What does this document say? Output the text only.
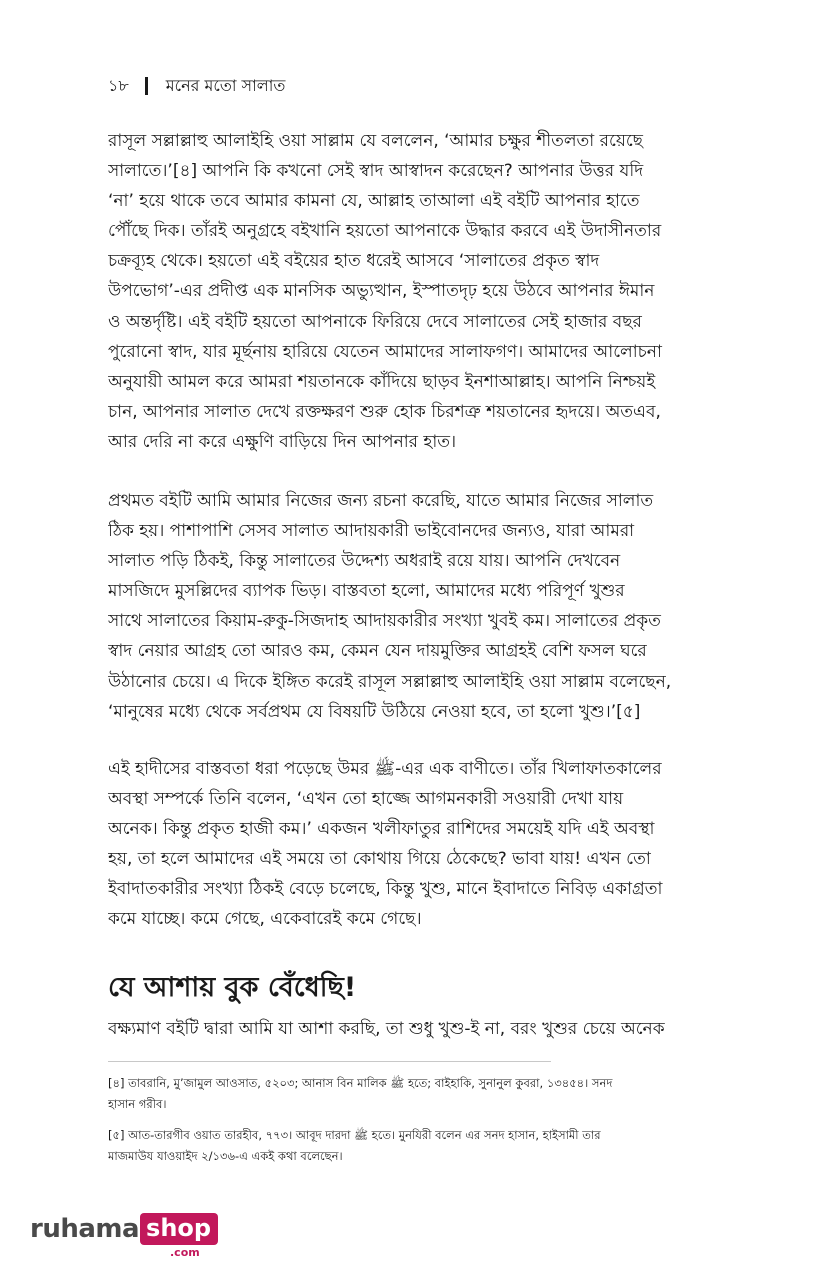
১৮ মনের মতো সালাত

রাসূল সল্লাল্লাহু আলাইহি ওয়া সাল্লাম যে বললেন, ‘আমার চক্ষুর শীতলতা রয়েছে
সালাতে।’[৪] আপনি কি কখনো সেই স্বাদ আস্বাদন করেছেন? আপনার উত্তর যদি
‘না’ হয়ে থাকে তবে আমার কামনা যে, আল্লাহ তাআলা এই বইটি আপনার হাতে
পৌঁছে দিক। তাঁরই অনুগ্রহে বইখানি হয়তো আপনাকে উদ্ধার করবে এই উদাসীনতার
চক্রব্যূহ থেকে। হয়তো এই বইয়ের হাত ধরেই আসবে ‘সালাতের প্রকৃত স্বাদ
উপভোগ’-এর প্রদীপ্ত এক মানসিক অভ্যুত্থান, ইস্পাতদৃঢ় হয়ে উঠবে আপনার ঈমান
ও অন্তর্দৃষ্টি। এই বইটি হয়তো আপনাকে ফিরিয়ে দেবে সালাতের সেই হাজার বছর
পুরোনো স্বাদ, যার মূর্ছনায় হারিয়ে যেতেন আমাদের সালাফগণ। আমাদের আলোচনা
অনুযায়ী আমল করে আমরা শয়তানকে কাঁদিয়ে ছাড়ব ইনশাআল্লাহ। আপনি নিশ্চয়ই
চান, আপনার সালাত দেখে রক্তক্ষরণ শুরু হোক চিরশত্রু শয়তানের হৃদয়ে। অতএব,
আর দেরি না করে এক্ষুণি বাড়িয়ে দিন আপনার হাত।

প্রথমত বইটি আমি আমার নিজের জন্য রচনা করেছি, যাতে আমার নিজের সালাত
ঠিক হয়। পাশাপাশি সেসব সালাত আদায়কারী ভাইবোনদের জন্যও, যারা আমরা
সালাত পড়ি ঠিকই, কিন্তু সালাতের উদ্দেশ্য অধরাই রয়ে যায়। আপনি দেখবেন
মাসজিদে মুসল্লিদের ব্যাপক ভিড়। বাস্তবতা হলো, আমাদের মধ্যে পরিপূর্ণ খুশুর
সাথে সালাতের কিয়াম-রুকু-সিজদাহ আদায়কারীর সংখ্যা খুবই কম। সালাতের প্রকৃত
স্বাদ নেয়ার আগ্রহ তো আরও কম, কেমন যেন দায়মুক্তির আগ্রহই বেশি ফসল ঘরে
উঠানোর চেয়ে। এ দিকে ইঙ্গিত করেই রাসূল সল্লাল্লাহু আলাইহি ওয়া সাল্লাম বলেছেন,
‘মানুষের মধ্যে থেকে সর্বপ্রথম যে বিষয়টি উঠিয়ে নেওয়া হবে, তা হলো খুশু।’[৫]

এই হাদীসের বাস্তবতা ধরা পড়েছে উমর ﷺ-এর এক বাণীতে। তাঁর খিলাফাতকালের
অবস্থা সম্পর্কে তিনি বলেন, ‘এখন তো হাজ্জে আগমনকারী সওয়ারী দেখা যায়
অনেক। কিন্তু প্রকৃত হাজী কম।’ একজন খলীফাতুর রাশিদের সময়েই যদি এই অবস্থা
হয়, তা হলে আমাদের এই সময়ে তা কোথায় গিয়ে ঠেকেছে? ভাবা যায়! এখন তো
ইবাদাতকারীর সংখ্যা ঠিকই বেড়ে চলেছে, কিন্তু খুশু, মানে ইবাদাতে নিবিড় একাগ্রতা
কমে যাচ্ছে। কমে গেছে, একেবারেই কমে গেছে।

যে আশায় বুক বেঁধেছি!

বক্ষ্যমাণ বইটি দ্বারা আমি যা আশা করছি, তা শুধু খুশু-ই না, বরং খুশুর চেয়ে অনেক

[৪] তাবরানি, মু’জামুল আওসাত, ৫২০৩; আনাস বিন মালিক ﷺ হতে; বাইহাকি, সুনানুল কুবরা, ১৩৪৫৪। সনদ
হাসান গরীব।

[৫] আত-তারগীব ওয়াত তারহীব, ৭৭৩। আবূদ দারদা ﷺ হতে। মুনযিরী বলেন এর সনদ হাসান, হাইসামী তার
মাজমাউয যাওয়াইদ ২/১৩৬-এ একই কথা বলেছেন।

ruhama shop
.com
